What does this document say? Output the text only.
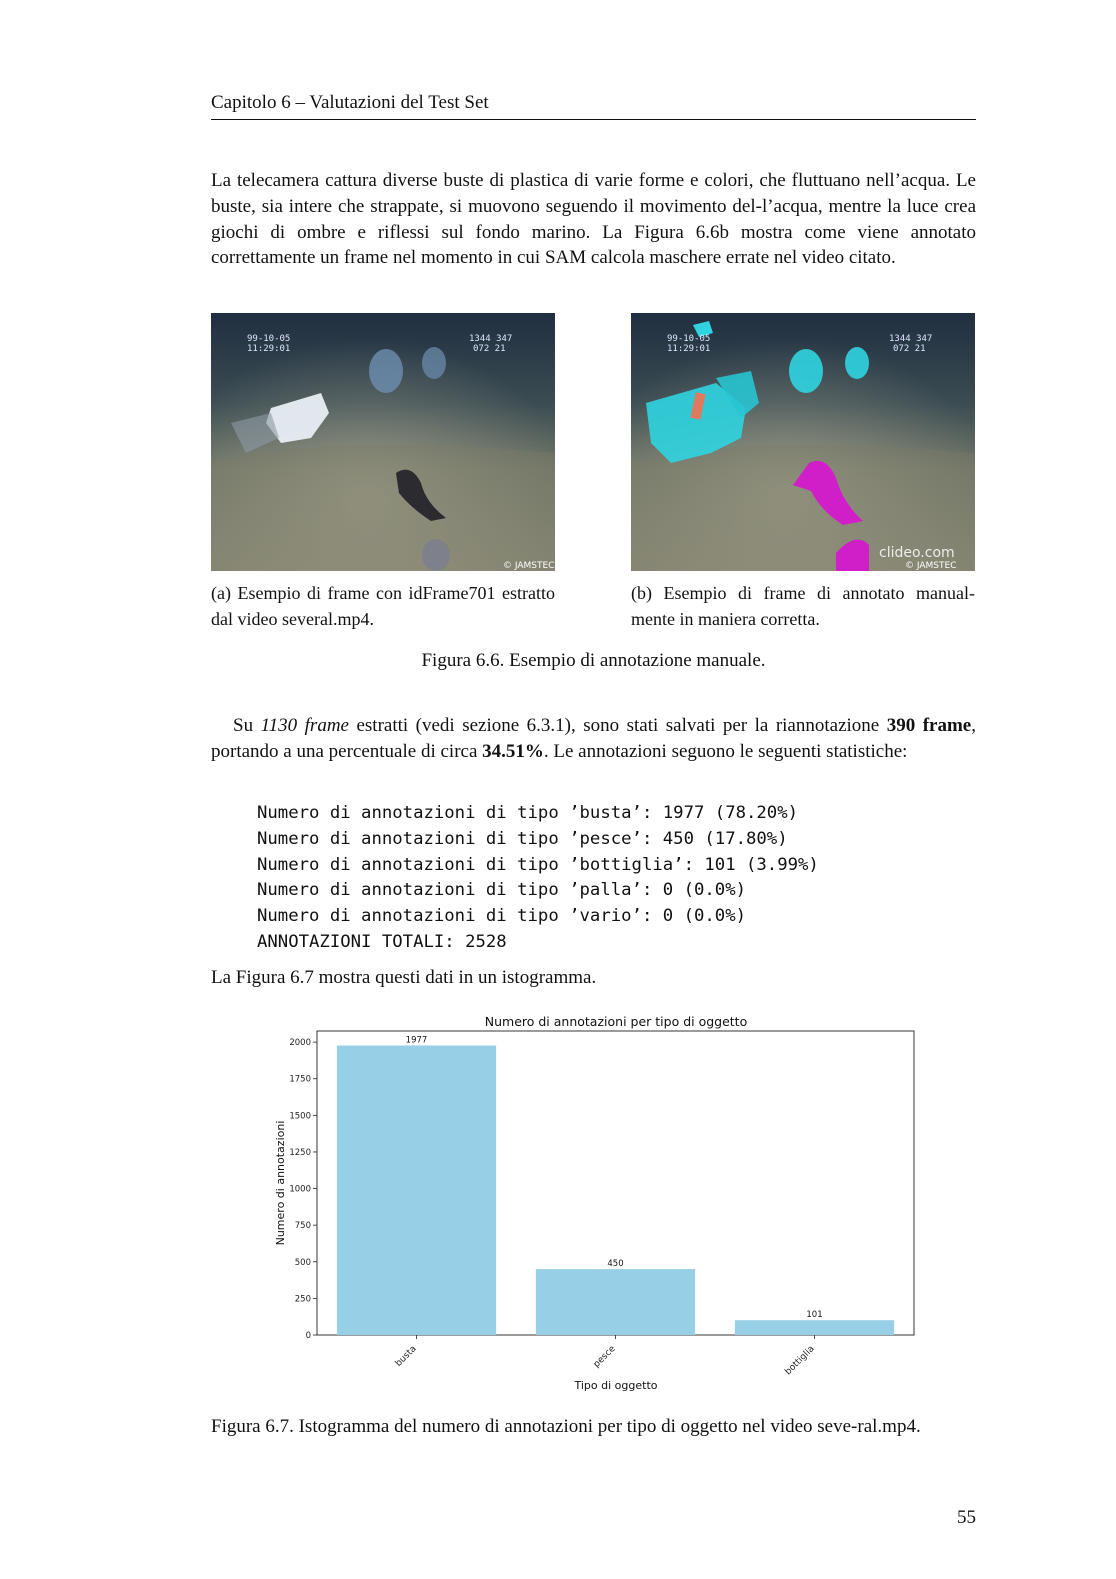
Capitolo 6 – Valutazioni del Test Set
La telecamera cattura diverse buste di plastica di varie forme e colori, che fluttuano nell’acqua. Le buste, sia intere che strappate, si muovono seguendo il movimento del-l’acqua, mentre la luce crea giochi di ombre e riflessi sul fondo marino. La Figura 6.6b mostra come viene annotato correttamente un frame nel momento in cui SAM calcola maschere errate nel video citato.
99-10-05
11:29:01
1344 347
072 21
© JAMSTEC
99-10-05
11:29:01
1344 347
072 21
clideo.com
© JAMSTEC
(a) Esempio di frame con idFrame701 estratto dal video several.mp4.
(b) Esempio di frame di annotato manual-mente in maniera corretta.
Figura 6.6. Esempio di annotazione manuale.
Su 1130 frame estratti (vedi sezione 6.3.1), sono stati salvati per la riannotazione 390 frame, portando a una percentuale di circa 34.51%. Le annotazioni seguono le seguenti statistiche:
Numero di annotazioni di tipo ’busta’: 1977 (78.20%)
Numero di annotazioni di tipo ’pesce’: 450 (17.80%)
Numero di annotazioni di tipo ’bottiglia’: 101 (3.99%)
Numero di annotazioni di tipo ’palla’: 0 (0.0%)
Numero di annotazioni di tipo ’vario’: 0 (0.0%)
ANNOTAZIONI TOTALI: 2528
La Figura 6.7 mostra questi dati in un istogramma.
Numero di annotazioni per tipo di oggetto
0
250
500
750
1000
1250
1500
1750
2000	1977
450
101
busta	pesce	bottiglia
Tipo di oggetto
Numero di annotazioni
Figura 6.7. Istogramma del numero di annotazioni per tipo di oggetto nel video seve-ral.mp4.
55
